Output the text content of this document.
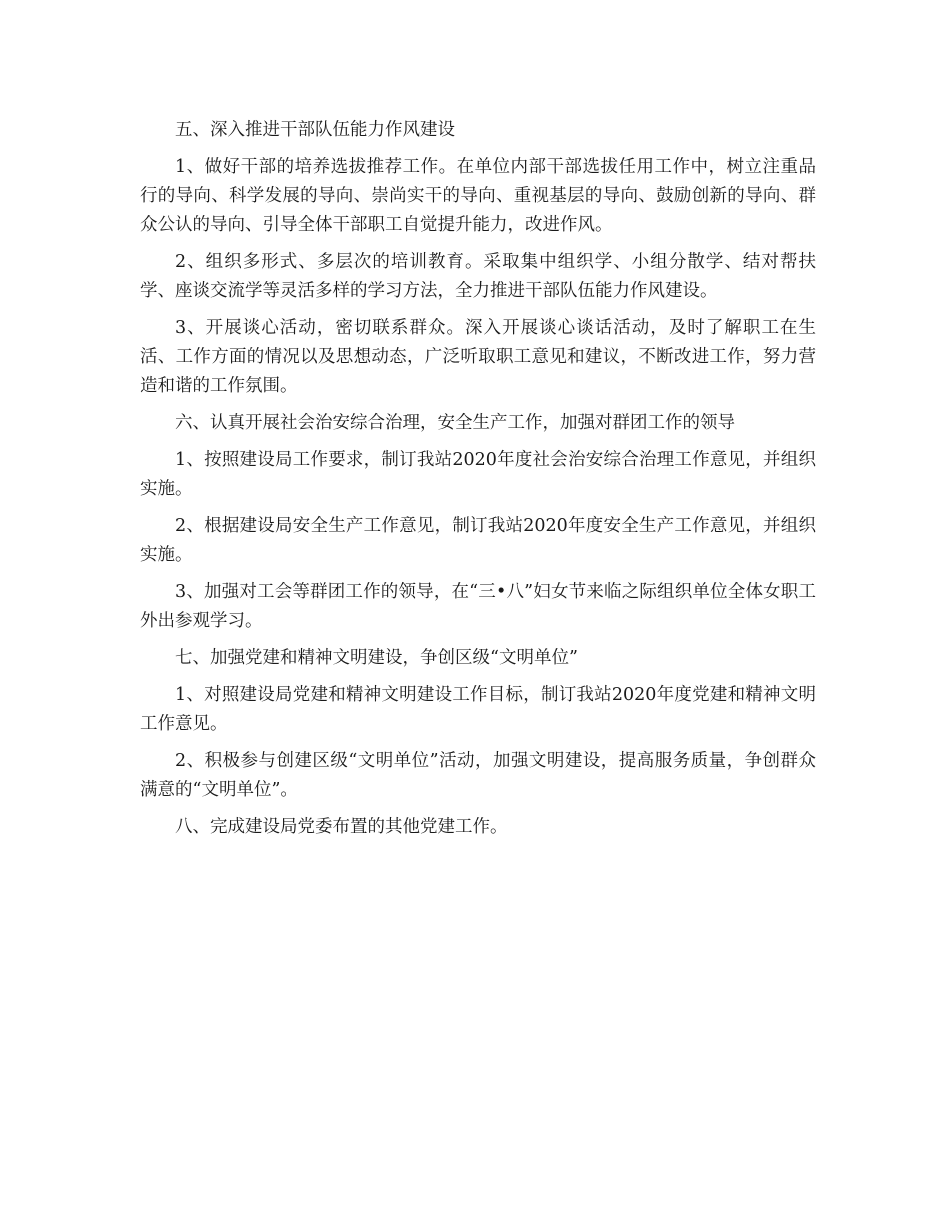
五、深入推进干部队伍能力作风建设

1、做好干部的培养选拔推荐工作。在单位内部干部选拔任用工作中，树立注重品行的导向、科学发展的导向、崇尚实干的导向、重视基层的导向、鼓励创新的导向、群众公认的导向、引导全体干部职工自觉提升能力，改进作风。

2、组织多形式、多层次的培训教育。采取集中组织学、小组分散学、结对帮扶学、座谈交流学等灵活多样的学习方法，全力推进干部队伍能力作风建设。

3、开展谈心活动，密切联系群众。深入开展谈心谈话活动，及时了解职工在生活、工作方面的情况以及思想动态，广泛听取职工意见和建议，不断改进工作，努力营造和谐的工作氛围。

六、认真开展社会治安综合治理，安全生产工作，加强对群团工作的领导

1、按照建设局工作要求，制订我站2020年度社会治安综合治理工作意见，并组织实施。

2、根据建设局安全生产工作意见，制订我站2020年度安全生产工作意见，并组织实施。

3、加强对工会等群团工作的领导，在“三•八”妇女节来临之际组织单位全体女职工外出参观学习。

七、加强党建和精神文明建设，争创区级“文明单位”

1、对照建设局党建和精神文明建设工作目标，制订我站2020年度党建和精神文明工作意见。

2、积极参与创建区级“文明单位”活动，加强文明建设，提高服务质量，争创群众满意的“文明单位”。

八、完成建设局党委布置的其他党建工作。
